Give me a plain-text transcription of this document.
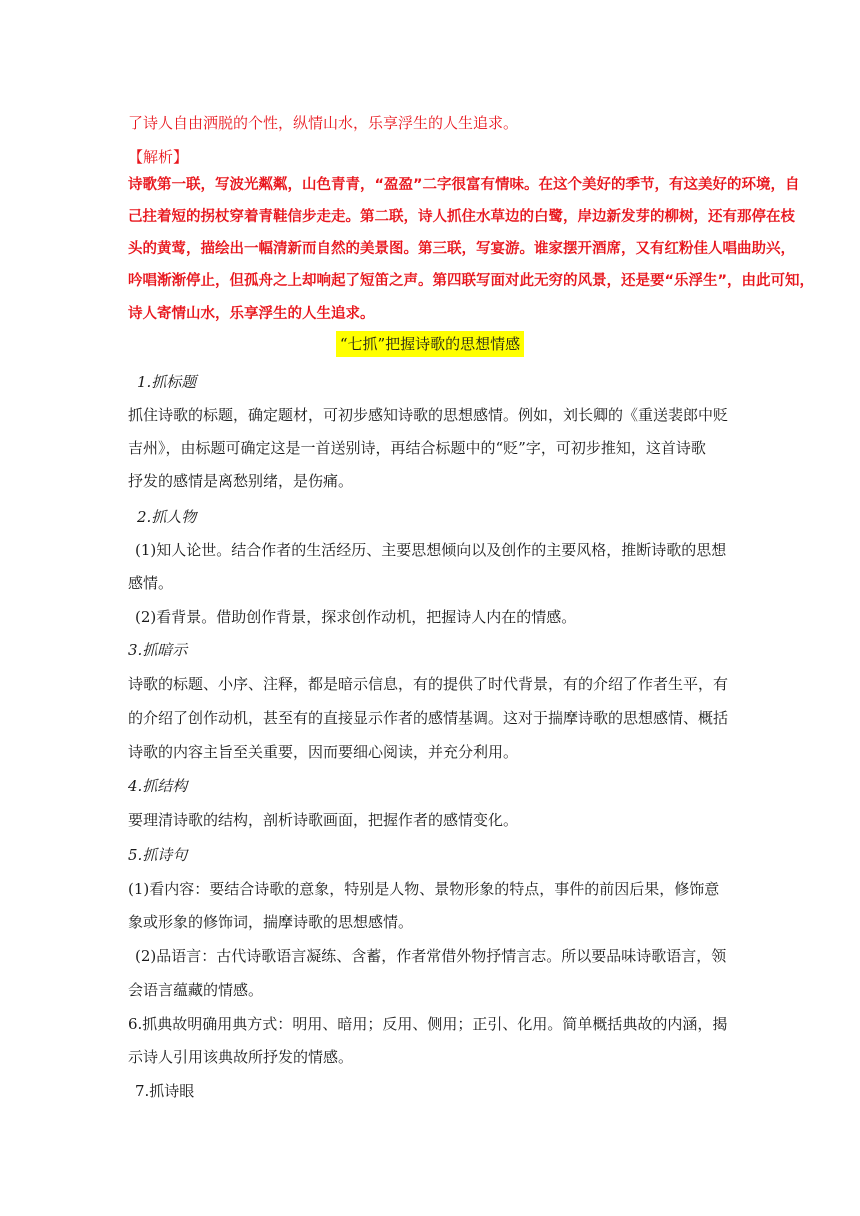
了诗人自由洒脱的个性，纵情山水，乐享浮生的人生追求。
【解析】
诗歌第一联，写波光粼粼，山色青青，“盈盈”二字很富有情味。在这个美好的季节，有这美好的环境，自
己拄着短的拐杖穿着青鞋信步走走。第二联，诗人抓住水草边的白鹭，岸边新发芽的柳树，还有那停在枝
头的黄莺，描绘出一幅清新而自然的美景图。第三联，写宴游。谁家摆开酒席，又有红粉佳人唱曲助兴，
吟唱渐渐停止，但孤舟之上却响起了短笛之声。第四联写面对此无穷的风景，还是要“乐浮生”，由此可知，
诗人寄情山水，乐享浮生的人生追求。
“七抓”把握诗歌的思想情感
1.抓标题
抓住诗歌的标题，确定题材，可初步感知诗歌的思想感情。例如，刘长卿的《重送裴郎中贬
吉州》，由标题可确定这是一首送别诗，再结合标题中的“贬”字，可初步推知，这首诗歌
抒发的感情是离愁别绪，是伤痛。
2.抓人物
(1)知人论世。结合作者的生活经历、主要思想倾向以及创作的主要风格，推断诗歌的思想
感情。
(2)看背景。借助创作背景，探求创作动机，把握诗人内在的情感。
3.抓暗示
诗歌的标题、小序、注释，都是暗示信息，有的提供了时代背景，有的介绍了作者生平，有
的介绍了创作动机，甚至有的直接显示作者的感情基调。这对于揣摩诗歌的思想感情、概括
诗歌的内容主旨至关重要，因而要细心阅读，并充分利用。
4.抓结构
要理清诗歌的结构，剖析诗歌画面，把握作者的感情变化。
5.抓诗句
(1)看内容：要结合诗歌的意象，特别是人物、景物形象的特点，事件的前因后果，修饰意
象或形象的修饰词，揣摩诗歌的思想感情。
(2)品语言：古代诗歌语言凝练、含蓄，作者常借外物抒情言志。所以要品味诗歌语言，领
会语言蕴藏的情感。
6.抓典故明确用典方式：明用、暗用；反用、侧用；正引、化用。简单概括典故的内涵，揭
示诗人引用该典故所抒发的情感。
7.抓诗眼
